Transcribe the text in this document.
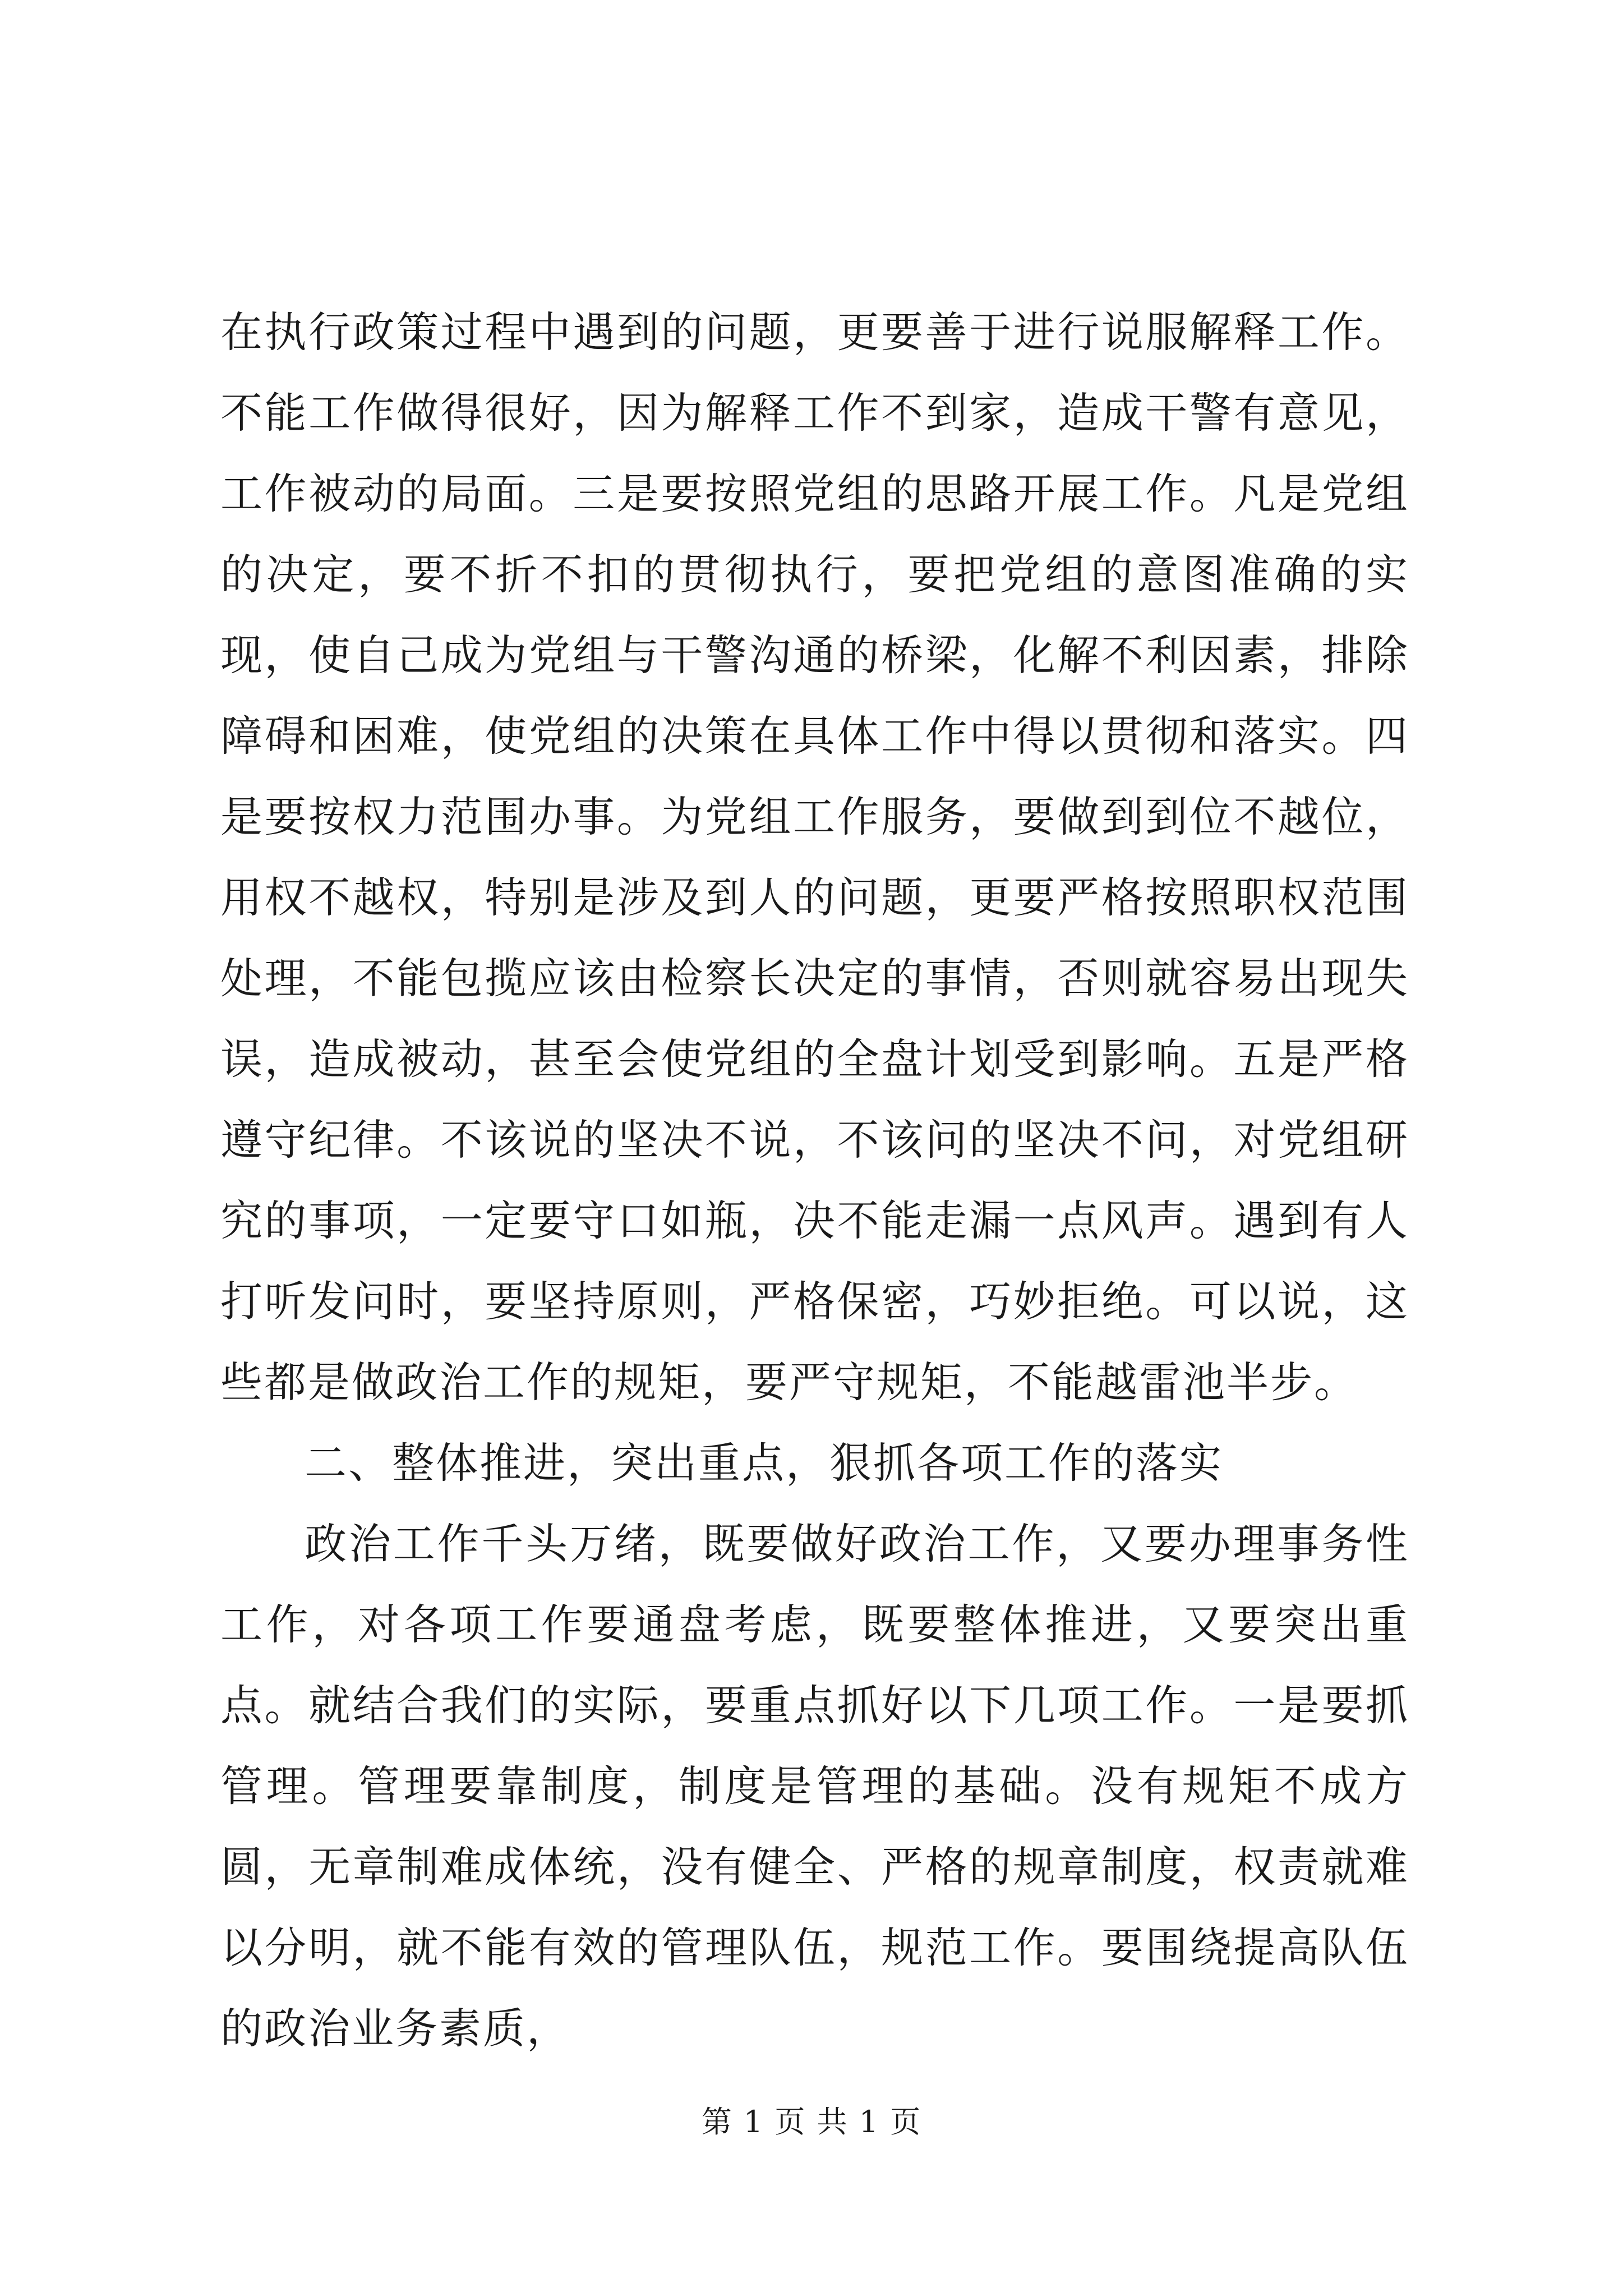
在执行政策过程中遇到的问题，更要善于进行说服解释工作。不能工作做得很好，因为解释工作不到家，造成干警有意见，工作被动的局面。三是要按照党组的思路开展工作。凡是党组的决定，要不折不扣的贯彻执行，要把党组的意图准确的实现，使自己成为党组与干警沟通的桥梁，化解不利因素，排除障碍和困难，使党组的决策在具体工作中得以贯彻和落实。四是要按权力范围办事。为党组工作服务，要做到到位不越位，用权不越权，特别是涉及到人的问题，更要严格按照职权范围处理，不能包揽应该由检察长决定的事情，否则就容易出现失误，造成被动，甚至会使党组的全盘计划受到影响。五是严格遵守纪律。不该说的坚决不说，不该问的坚决不问，对党组研究的事项，一定要守口如瓶，决不能走漏一点风声。遇到有人打听发问时，要坚持原则，严格保密，巧妙拒绝。可以说，这些都是做政治工作的规矩，要严守规矩，不能越雷池半步。

二、整体推进，突出重点，狠抓各项工作的落实

政治工作千头万绪，既要做好政治工作，又要办理事务性工作，对各项工作要通盘考虑，既要整体推进，又要突出重点。就结合我们的实际，要重点抓好以下几项工作。一是要抓管理。管理要靠制度，制度是管理的基础。没有规矩不成方圆，无章制难成体统，没有健全、严格的规章制度，权责就难以分明，就不能有效的管理队伍，规范工作。要围绕提高队伍的政治业务素质，

第 1 页 共 1 页
